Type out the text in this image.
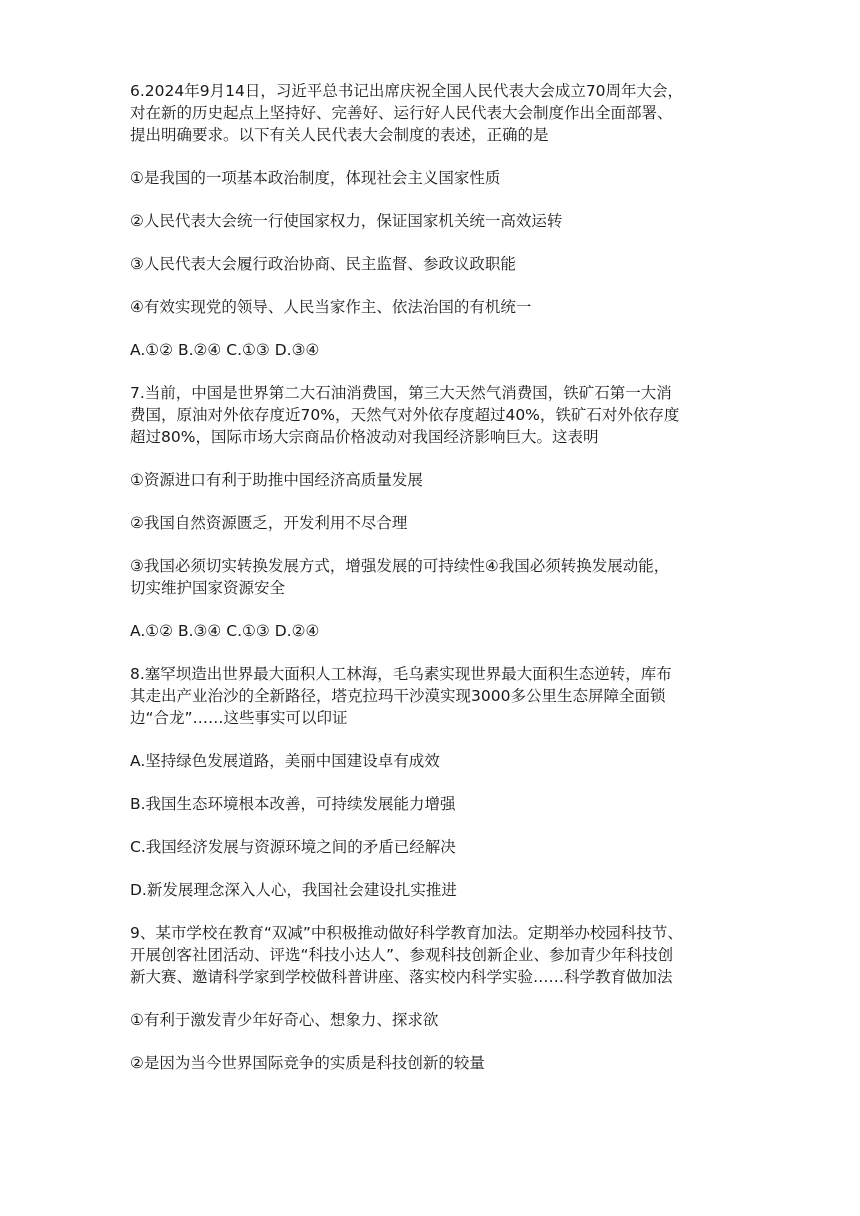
6.2024年9月14日，习近平总书记出席庆祝全国人民代表大会成立70周年大会，
对在新的历史起点上坚持好、完善好、运行好人民代表大会制度作出全面部署、
提出明确要求。以下有关人民代表大会制度的表述，正确的是

①是我国的一项基本政治制度，体现社会主义国家性质

②人民代表大会统一行使国家权力，保证国家机关统一高效运转

③人民代表大会履行政治协商、民主监督、参政议政职能

④有效实现党的领导、人民当家作主、依法治国的有机统一

A.①② B.②④ C.①③ D.③④

7.当前，中国是世界第二大石油消费国，第三大天然气消费国，铁矿石第一大消
费国，原油对外依存度近70%，天然气对外依存度超过40%，铁矿石对外依存度
超过80%，国际市场大宗商品价格波动对我国经济影响巨大。这表明

①资源进口有利于助推中国经济高质量发展

②我国自然资源匮乏，开发利用不尽合理

③我国必须切实转换发展方式，增强发展的可持续性④我国必须转换发展动能，
切实维护国家资源安全

A.①② B.③④ C.①③ D.②④

8.塞罕坝造出世界最大面积人工林海，毛乌素实现世界最大面积生态逆转，库布
其走出产业治沙的全新路径，塔克拉玛干沙漠实现3000多公里生态屏障全面锁
边“合龙”……这些事实可以印证

A.坚持绿色发展道路，美丽中国建设卓有成效

B.我国生态环境根本改善，可持续发展能力增强

C.我国经济发展与资源环境之间的矛盾已经解决

D.新发展理念深入人心，我国社会建设扎实推进

9、某市学校在教育“双减”中积极推动做好科学教育加法。定期举办校园科技节、
开展创客社团活动、评选“科技小达人”、参观科技创新企业、参加青少年科技创
新大赛、邀请科学家到学校做科普讲座、落实校内科学实验……科学教育做加法

①有利于激发青少年好奇心、想象力、探求欲

②是因为当今世界国际竞争的实质是科技创新的较量
